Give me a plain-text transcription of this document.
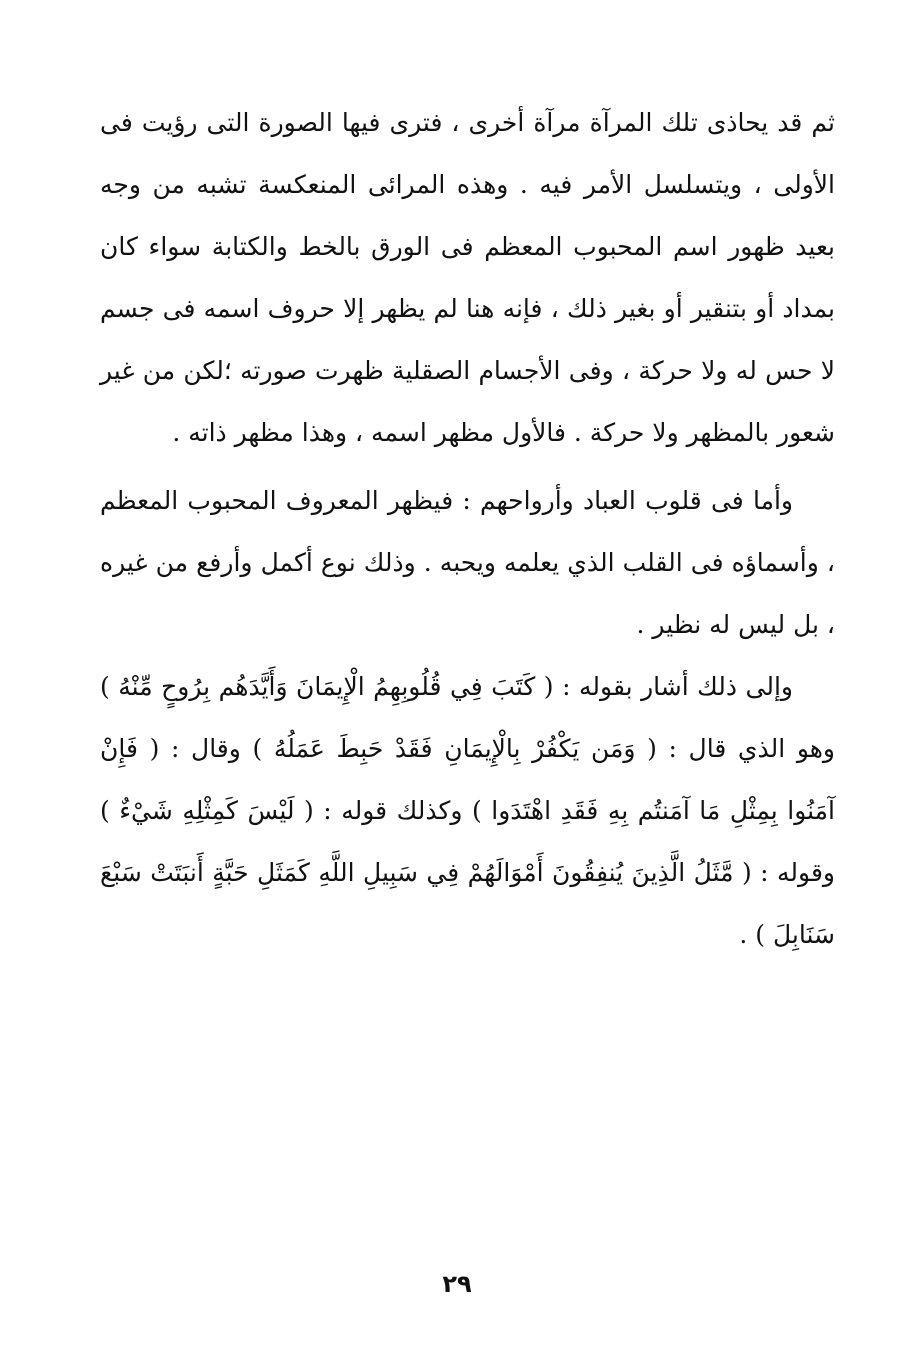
ثم قد يحاذى تلك المرآة مرآة أخرى ، فترى فيها الصورة التى رؤيت فى الأولى ، ويتسلسل الأمر فيه . وهذه المرائى المنعكسة تشبه من وجه بعيد ظهور اسم المحبوب المعظم فى الورق بالخط والكتابة سواء كان بمداد أو بتنقير أو بغير ذلك ، فإنه هنا لم يظهر إلا حروف اسمه فى جسم لا حس له ولا حركة ، وفى الأجسام الصقلية ظهرت صورته ؛لكن من غير شعور بالمظهر ولا حركة . فالأول مظهر اسمه ، وهذا مظهر ذاته .

وأما فى قلوب العباد وأرواحهم : فيظهر المعروف المحبوب المعظم ، وأسماؤه فى القلب الذي يعلمه ويحبه . وذلك نوع أكمل وأرفع من غيره ، بل ليس له نظير .

وإلى ذلك أشار بقوله : ( كَتَبَ فِي قُلُوبِهِمُ الْإِيمَانَ وَأَيَّدَهُم بِرُوحٍ مِّنْهُ ) وهو الذي قال : ( وَمَن يَكْفُرْ بِالْإِيمَانِ فَقَدْ حَبِطَ عَمَلُهُ ) وقال : ( فَإِنْ آمَنُوا بِمِثْلِ مَا آمَنتُم بِهِ فَقَدِ اهْتَدَوا ) وكذلك قوله : ( لَيْسَ كَمِثْلِهِ شَيْءٌ ) وقوله : ( مَّثَلُ الَّذِينَ يُنفِقُونَ أَمْوَالَهُمْ فِي سَبِيلِ اللَّهِ كَمَثَلِ حَبَّةٍ أَنبَتَتْ سَبْعَ سَنَابِلَ ) .

٢٩
